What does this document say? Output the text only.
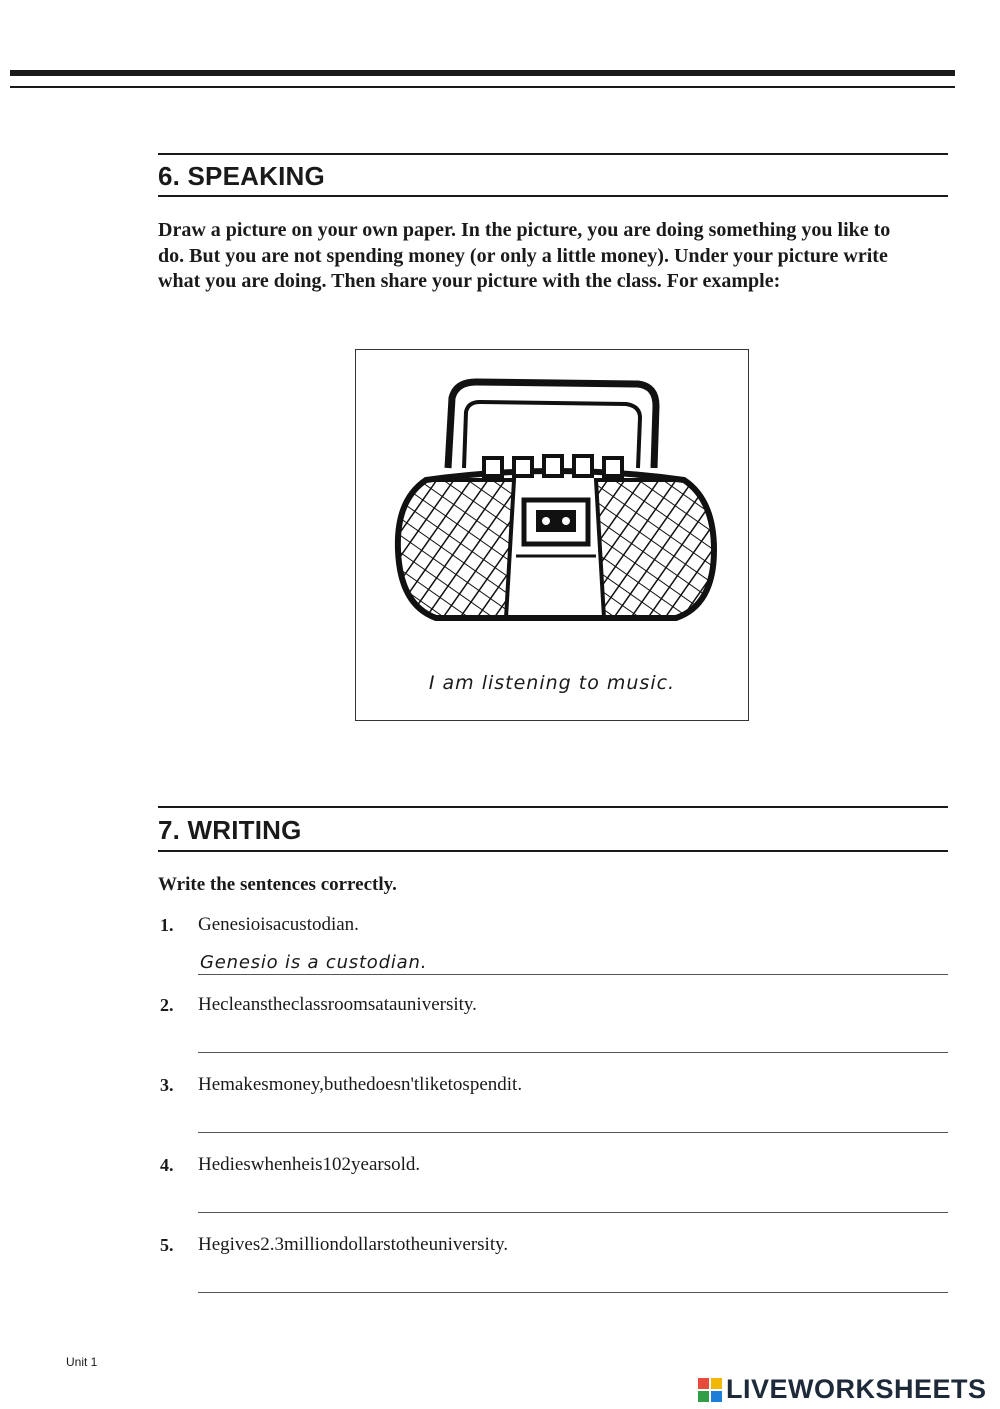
6. SPEAKING
Draw a picture on your own paper. In the picture, you are doing something you like to do. But you are not spending money (or only a little money). Under your picture write what you are doing. Then share your picture with the class. For example:
I am listening to music.
7. WRITING
Write the sentences correctly.
1. Genesioisacustodian.
Genesio is a custodian.
2. Hecleanstheclassroomsatauniversity.
3. Hemakesmoney,buthedoesn'tliketospendit.
4. Hedieswhenheis102yearsold.
5. Hegives2.3milliondollarstotheuniversity.
Unit 1
LIVEWORKSHEETS
